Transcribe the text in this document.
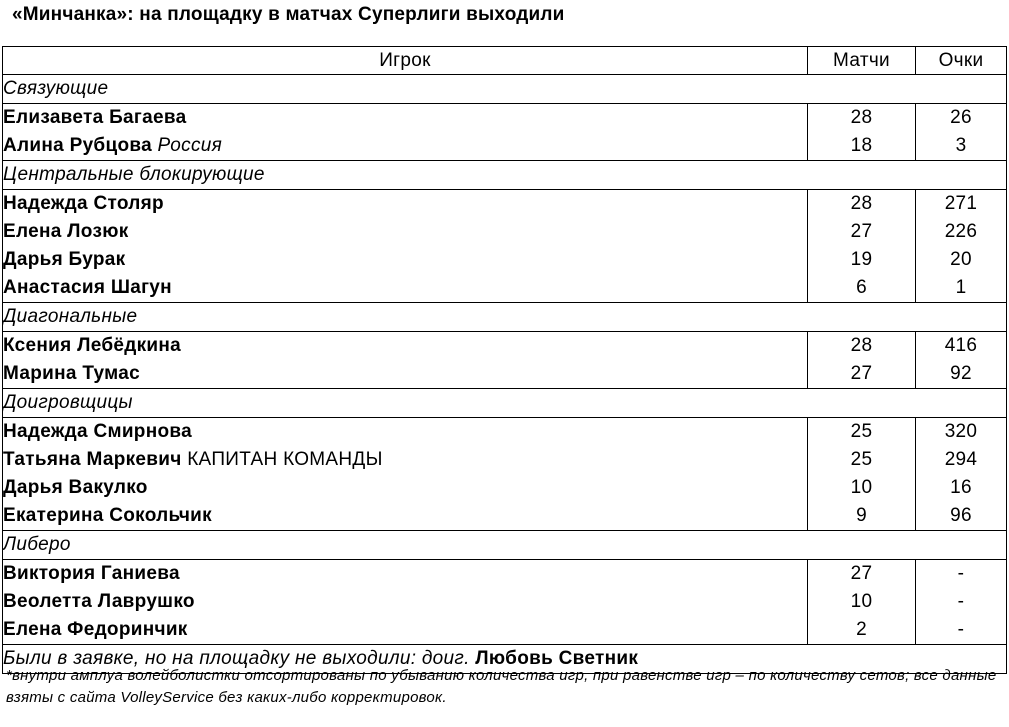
«Минчанка»: на площадку в матчах Суперлиги выходили
Игрок	Матчи	Очки
Связующие		
Елизавета Багаева	28	26
Алина Рубцова Россия	18	3
Центральные блокирующие		
Надежда Столяр	28	271
Елена Лозюк	27	226
Дарья Бурак	19	20
Анастасия Шагун	6	1
Диагональные		
Ксения Лебёдкина	28	416
Марина Тумас	27	92
Доигровщицы		
Надежда Смирнова	25	320
Татьяна Маркевич КАПИТАН КОМАНДЫ	25	294
Дарья Вакулко	10	16
Екатерина Сокольчик	9	96
Либеро		
Виктория Ганиева	27	-
Веолетта Лаврушко	10	-
Елена Федоринчик	2	-
Были в заявке, но на площадку не выходили: доиг. Любовь Светник		
*внутри амплуа волейболистки отсортированы по убыванию количества игр, при равенстве игр – по количеству сетов; все данные взяты с сайта VolleyService без каких-либо корректировок.
